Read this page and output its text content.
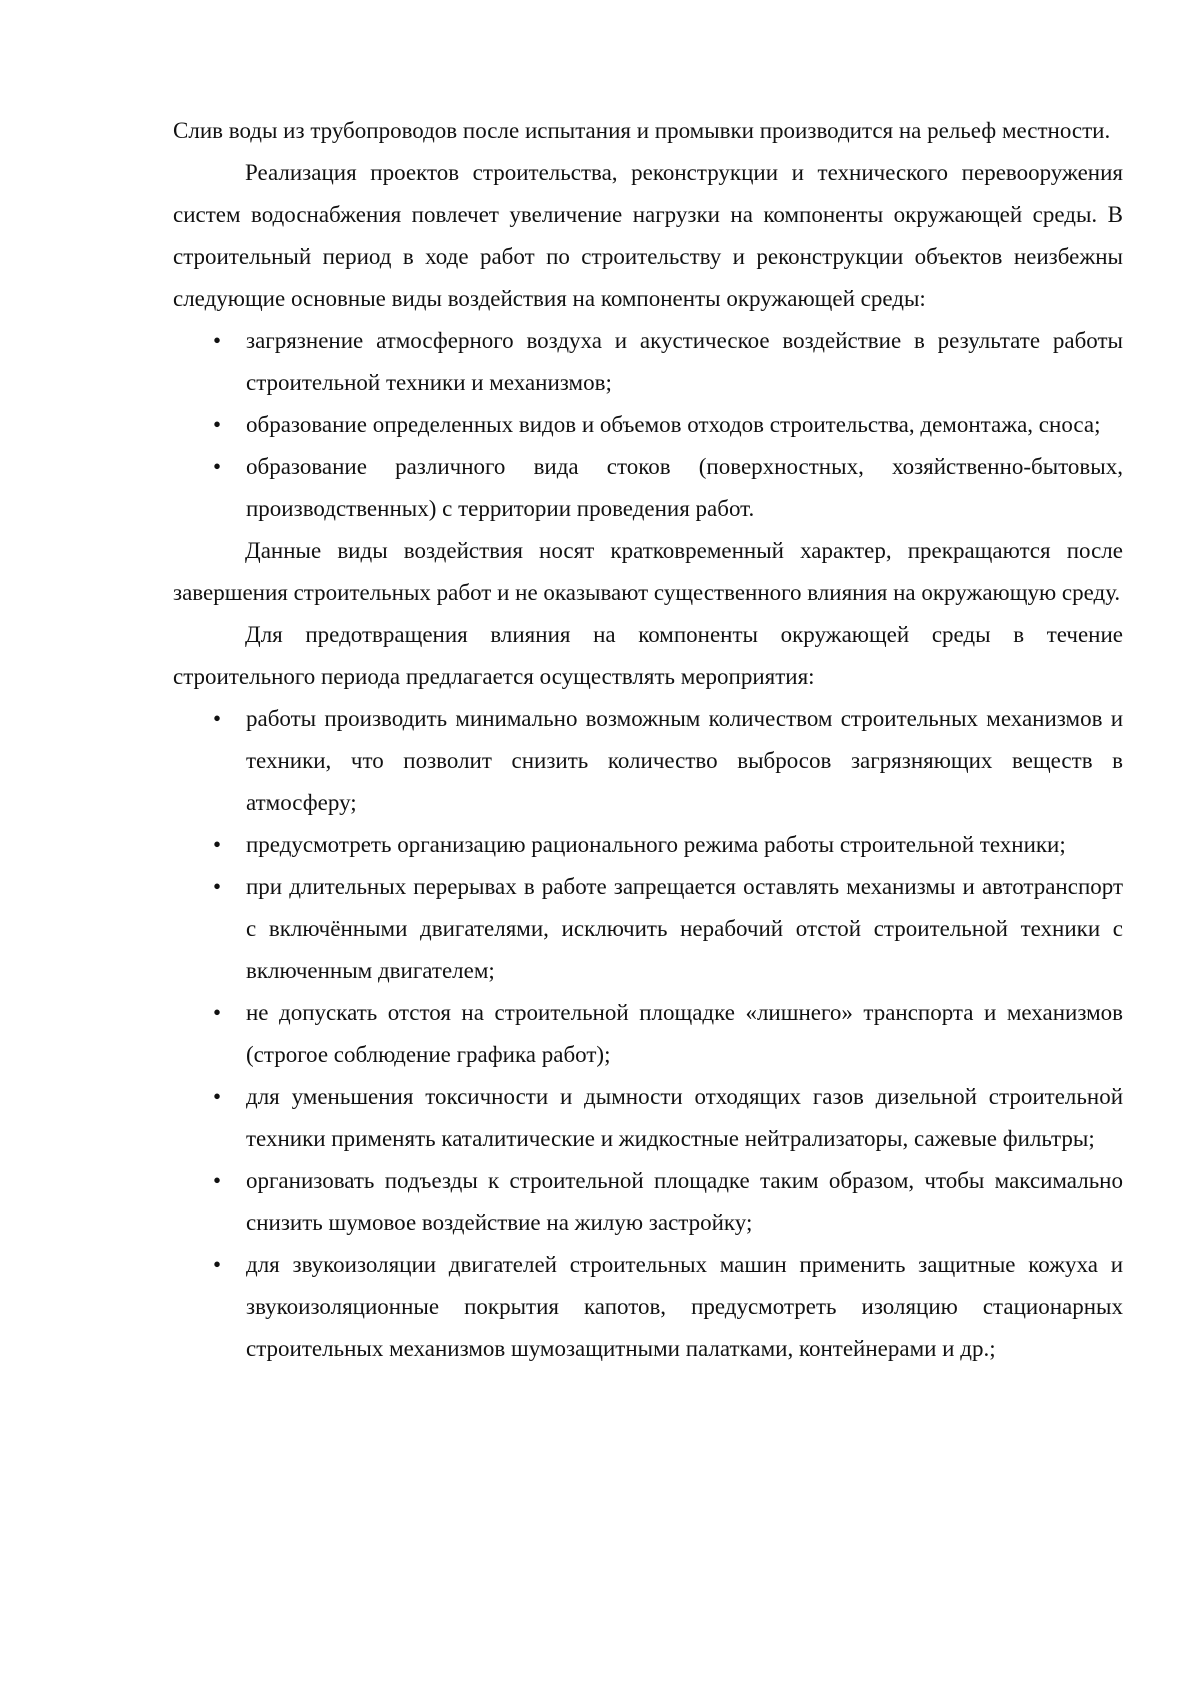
Слив воды из трубопроводов после испытания и промывки производится на рельеф местности.

Реализация проектов строительства, реконструкции и технического перевооружения систем водоснабжения повлечет увеличение нагрузки на компоненты окружающей среды. В строительный период в ходе работ по строительству и реконструкции объектов неизбежны следующие основные виды воздействия на компоненты окружающей среды:

• загрязнение атмосферного воздуха и акустическое воздействие в результате работы строительной техники и механизмов;
• образование определенных видов и объемов отходов строительства, демонтажа, сноса;
• образование различного вида стоков (поверхностных, хозяйственно-бытовых, производственных) с территории проведения работ.

Данные виды воздействия носят кратковременный характер, прекращаются после завершения строительных работ и не оказывают существенного влияния на окружающую среду.

Для предотвращения влияния на компоненты окружающей среды в течение строительного периода предлагается осуществлять мероприятия:

• работы производить минимально возможным количеством строительных механизмов и техники, что позволит снизить количество выбросов загрязняющих веществ в атмосферу;
• предусмотреть организацию рационального режима работы строительной техники;
• при длительных перерывах в работе запрещается оставлять механизмы и автотранспорт с включёнными двигателями, исключить нерабочий отстой строительной техники с включенным двигателем;
• не допускать отстоя на строительной площадке «лишнего» транспорта и механизмов (строгое соблюдение графика работ);
• для уменьшения токсичности и дымности отходящих газов дизельной строительной техники применять каталитические и жидкостные нейтрализаторы, сажевые фильтры;
• организовать подъезды к строительной площадке таким образом, чтобы максимально снизить шумовое воздействие на жилую застройку;
• для звукоизоляции двигателей строительных машин применить защитные кожуха и звукоизоляционные покрытия капотов, предусмотреть изоляцию стационарных строительных механизмов шумозащитными палатками, контейнерами и др.;
